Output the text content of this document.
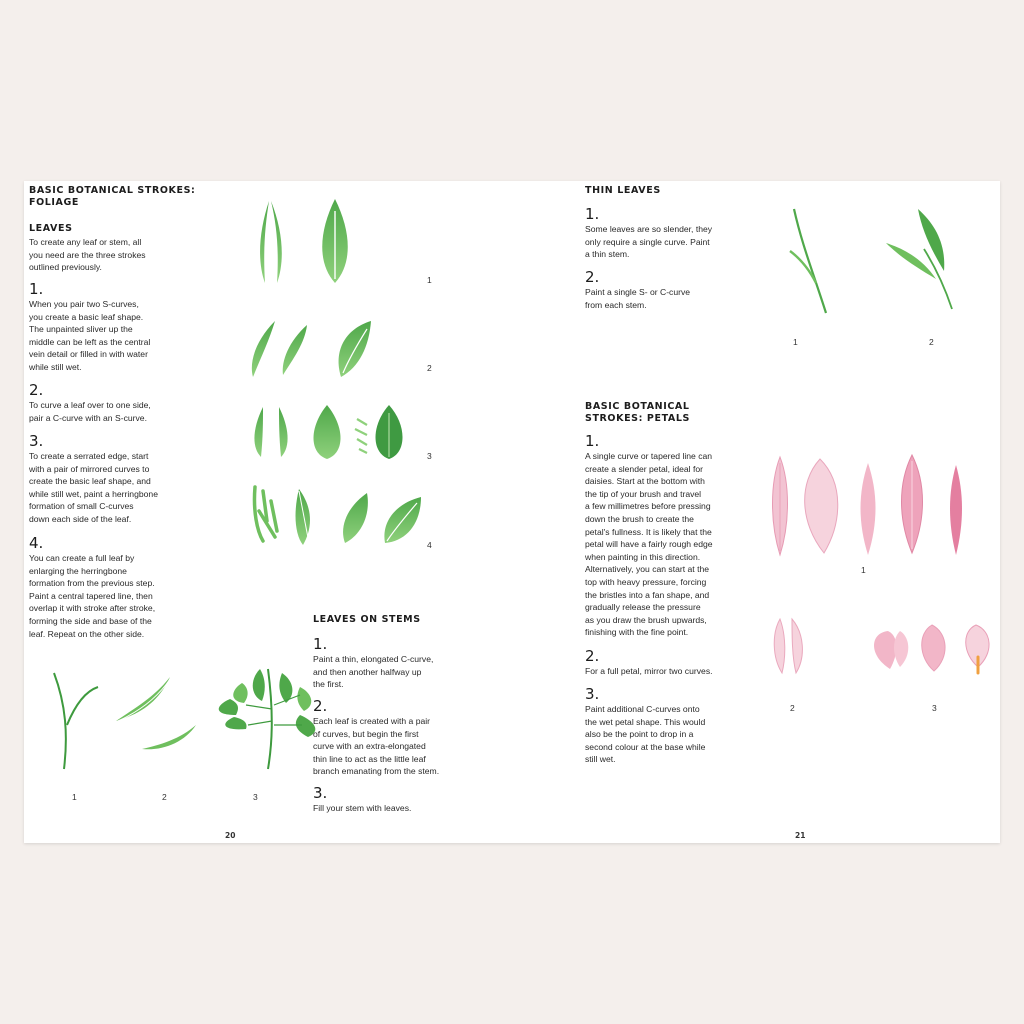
BASIC BOTANICAL STROKES:
FOLIAGE
LEAVES
To create any leaf or stem, all
you need are the three strokes
outlined previously.
1.
When you pair two S-curves,
you create a basic leaf shape.
The unpainted sliver up the
middle can be left as the central
vein detail or filled in with water
while still wet.
2.
To curve a leaf over to one side,
pair a C-curve with an S-curve.
3.
To create a serrated edge, start
with a pair of mirrored curves to
create the basic leaf shape, and
while still wet, paint a herringbone
formation of small C-curves
down each side of the leaf.
4.
You can create a full leaf by
enlarging the herringbone
formation from the previous step.
Paint a central tapered line, then
overlap it with stroke after stroke,
forming the side and base of the
leaf. Repeat on the other side.
1
2
3
4
1	2	3
LEAVES ON STEMS
1.
Paint a thin, elongated C-curve,
and then another halfway up
the first.
2.
Each leaf is created with a pair
of curves, but begin the first
curve with an extra-elongated
thin line to act as the little leaf
branch emanating from the stem.
3.
Fill your stem with leaves.
20
THIN LEAVES
1.
Some leaves are so slender, they
only require a single curve. Paint
a thin stem.
2.
Paint a single S- or C-curve
from each stem.
1	2
BASIC BOTANICAL
STROKES: PETALS
1.
A single curve or tapered line can
create a slender petal, ideal for
daisies. Start at the bottom with
the tip of your brush and travel
a few millimetres before pressing
down the brush to create the
petal's fullness. It is likely that the
petal will have a fairly rough edge
when painting in this direction.
Alternatively, you can start at the
top with heavy pressure, forcing
the bristles into a fan shape, and
gradually release the pressure
as you draw the brush upwards,
finishing with the fine point.
2.
For a full petal, mirror two curves.
3.
Paint additional C-curves onto
the wet petal shape. This would
also be the point to drop in a
second colour at the base while
still wet.
1
2	3
21
